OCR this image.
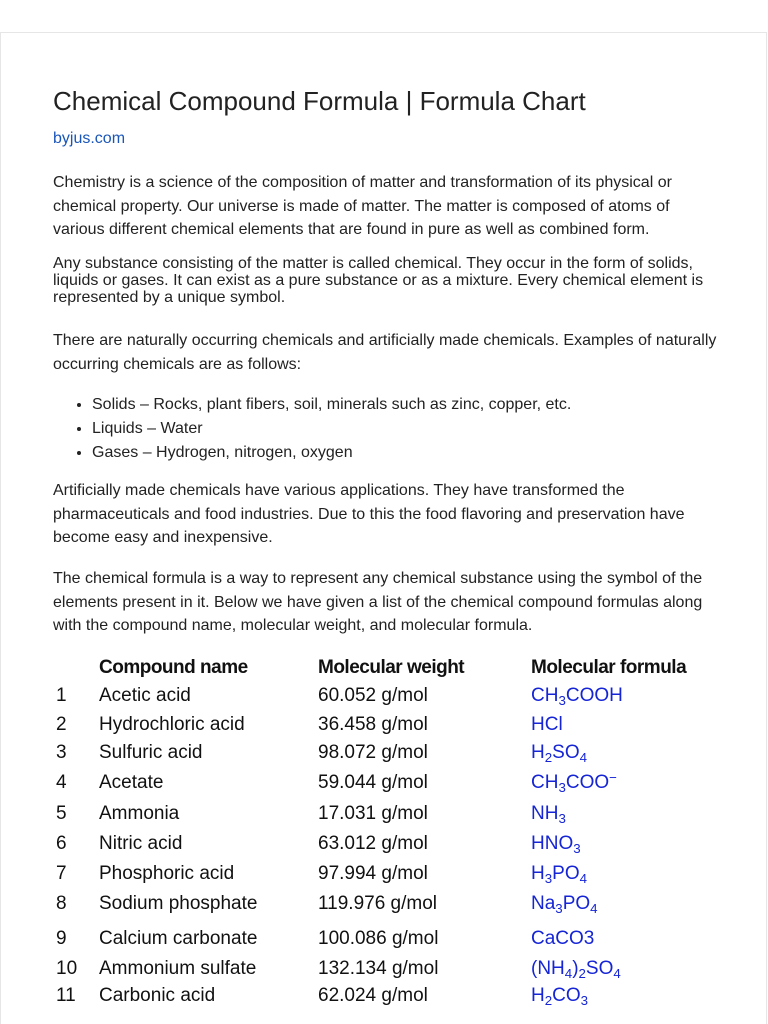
Chemical Compound Formula | Formula Chart
byjus.com

Chemistry is a science of the composition of matter and transformation of its physical or chemical property. Our universe is made of matter. The matter is composed of atoms of various different chemical elements that are found in pure as well as combined form.

Any substance consisting of the matter is called chemical. They occur in the form of solids, liquids or gases. It can exist as a pure substance or as a mixture. Every chemical element is represented by a unique symbol.

There are naturally occurring chemicals and artificially made chemicals. Examples of naturally occurring chemicals are as follows:

• Solids – Rocks, plant fibers, soil, minerals such as zinc, copper, etc.
• Liquids – Water
• Gases – Hydrogen, nitrogen, oxygen

Artificially made chemicals have various applications. They have transformed the pharmaceuticals and food industries. Due to this the food flavoring and preservation have become easy and inexpensive.

The chemical formula is a way to represent any chemical substance using the symbol of the elements present in it. Below we have given a list of the chemical compound formulas along with the compound name, molecular weight, and molecular formula.

	Compound name	Molecular weight	Molecular formula
1	Acetic acid	60.052 g/mol	$CH_3COOH$
2	Hydrochloric acid	36.458 g/mol	HCl
3	Sulfuric acid	98.072 g/mol	$H_2SO_4$
4	Acetate	59.044 g/mol	$CH_3COO^-$
5	Ammonia	17.031 g/mol	$NH_3$
6	Nitric acid	63.012 g/mol	$HNO_3$
7	Phosphoric acid	97.994 g/mol	$H_3PO_4$
8	Sodium phosphate	119.976 g/mol	$Na_3PO_4$
9	Calcium carbonate	100.086 g/mol	CaCO3
10	Ammonium sulfate	132.134 g/mol	$(NH_4)_2SO_4$
11	Carbonic acid	62.024 g/mol	$H_2CO_3$
